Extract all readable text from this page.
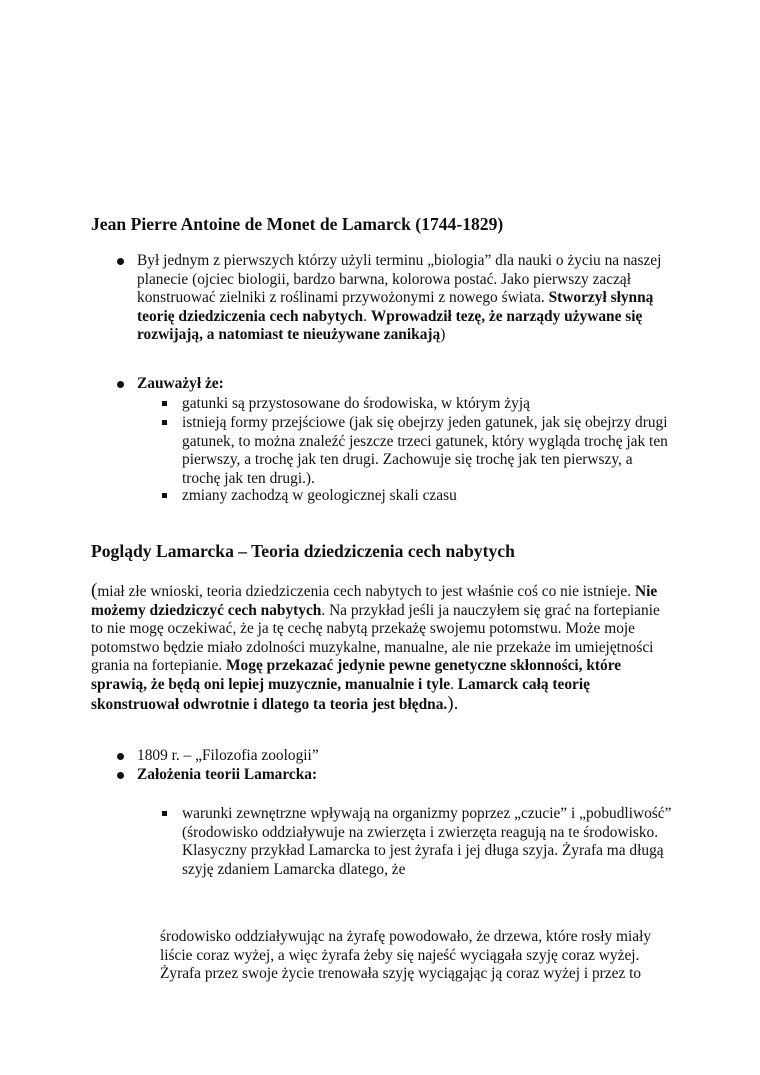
Jean Pierre Antoine de Monet de Lamarck (1744-1829)
Był jednym z pierwszych którzy użyli terminu „biologia” dla nauki o życiu na naszej planecie (ojciec biologii, bardzo barwna, kolorowa postać. Jako pierwszy zaczął konstruować zielniki z roślinami przywożonymi z nowego świata. Stworzył słynną teorię dziedziczenia cech nabytych. Wprowadził tezę, że narządy używane się rozwijają, a natomiast te nieużywane zanikają)
Zauważył że:
gatunki są przystosowane do środowiska, w którym żyją
istnieją formy przejściowe (jak się obejrzy jeden gatunek, jak się obejrzy drugi gatunek, to można znaleźć jeszcze trzeci gatunek, który wygląda trochę jak ten pierwszy, a trochę jak ten drugi. Zachowuje się trochę jak ten pierwszy, a trochę jak ten drugi.).
zmiany zachodzą w geologicznej skali czasu
Poglądy Lamarcka – Teoria dziedziczenia cech nabytych
(miał złe wnioski, teoria dziedziczenia cech nabytych to jest właśnie coś co nie istnieje. Nie możemy dziedziczyć cech nabytych. Na przykład jeśli ja nauczyłem się grać na fortepianie to nie mogę oczekiwać, że ja tę cechę nabytą przekażę swojemu potomstwu. Może moje potomstwo będzie miało zdolności muzykalne, manualne, ale nie przekaże im umiejętności grania na fortepianie. Mogę przekazać jedynie pewne genetyczne skłonności, które sprawią, że będą oni lepiej muzycznie, manualnie i tyle. Lamarck całą teorię skonstruował odwrotnie i dlatego ta teoria jest błędna.).
1809 r. – „Filozofia zoologii”
Założenia teorii Lamarcka:
warunki zewnętrzne wpływają na organizmy poprzez „czucie” i „pobudliwość” (środowisko oddziaływuje na zwierzęta i zwierzęta reagują na te środowisko. Klasyczny przykład Lamarcka to jest żyrafa i jej długa szyja. Żyrafa ma długą szyję zdaniem Lamarcka dlatego, że
środowisko oddziaływując na żyrafę powodowało, że drzewa, które rosły miały liście coraz wyżej, a więc żyrafa żeby się najeść wyciągała szyję coraz wyżej. Żyrafa przez swoje życie trenowała szyję wyciągając ją coraz wyżej i przez to
